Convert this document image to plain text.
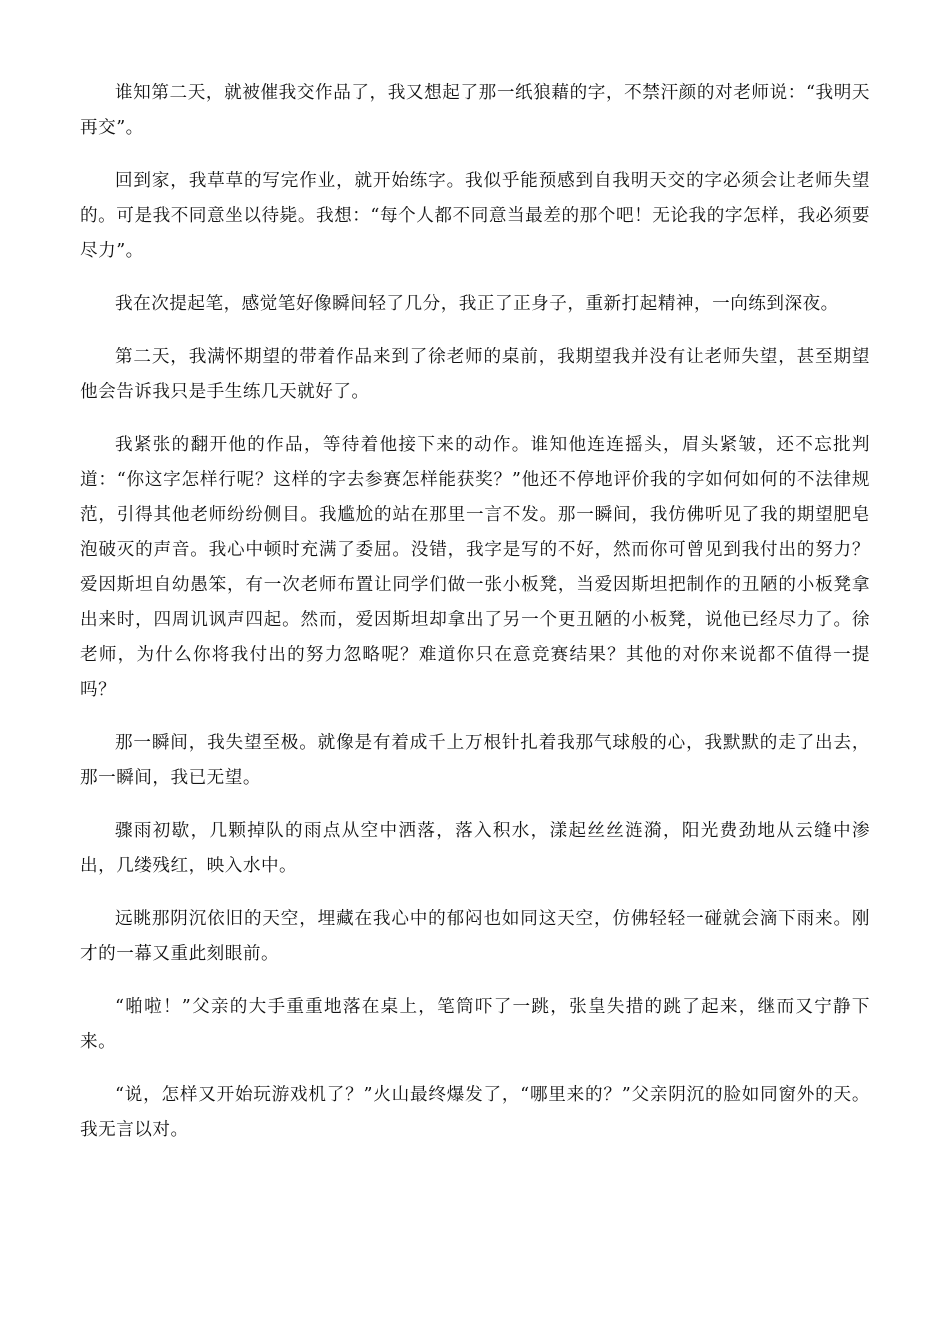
谁知第二天，就被催我交作品了，我又想起了那一纸狼藉的字，不禁汗颜的对老师说：“我明天再交”。

回到家，我草草的写完作业，就开始练字。我似乎能预感到自我明天交的字必须会让老师失望的。可是我不同意坐以待毙。我想：“每个人都不同意当最差的那个吧！无论我的字怎样，我必须要尽力”。

我在次提起笔，感觉笔好像瞬间轻了几分，我正了正身子，重新打起精神，一向练到深夜。

第二天，我满怀期望的带着作品来到了徐老师的桌前，我期望我并没有让老师失望，甚至期望他会告诉我只是手生练几天就好了。

我紧张的翻开他的作品，等待着他接下来的动作。谁知他连连摇头，眉头紧皱，还不忘批判道：“你这字怎样行呢？这样的字去参赛怎样能获奖？”他还不停地评价我的字如何如何的不法律规范，引得其他老师纷纷侧目。我尴尬的站在那里一言不发。那一瞬间，我仿佛听见了我的期望肥皂泡破灭的声音。我心中顿时充满了委屈。没错，我字是写的不好，然而你可曾见到我付出的努力？爱因斯坦自幼愚笨，有一次老师布置让同学们做一张小板凳，当爱因斯坦把制作的丑陋的小板凳拿出来时，四周讥讽声四起。然而，爱因斯坦却拿出了另一个更丑陋的小板凳，说他已经尽力了。徐老师，为什么你将我付出的努力忽略呢？难道你只在意竞赛结果？其他的对你来说都不值得一提吗？

那一瞬间，我失望至极。就像是有着成千上万根针扎着我那气球般的心，我默默的走了出去，那一瞬间，我已无望。

骤雨初歇，几颗掉队的雨点从空中洒落，落入积水，漾起丝丝涟漪，阳光费劲地从云缝中渗出，几缕残红，映入水中。

远眺那阴沉依旧的天空，埋藏在我心中的郁闷也如同这天空，仿佛轻轻一碰就会滴下雨来。刚才的一幕又重此刻眼前。

“啪啦！”父亲的大手重重地落在桌上，笔筒吓了一跳，张皇失措的跳了起来，继而又宁静下来。

“说，怎样又开始玩游戏机了？”火山最终爆发了，“哪里来的？”父亲阴沉的脸如同窗外的天。我无言以对。
